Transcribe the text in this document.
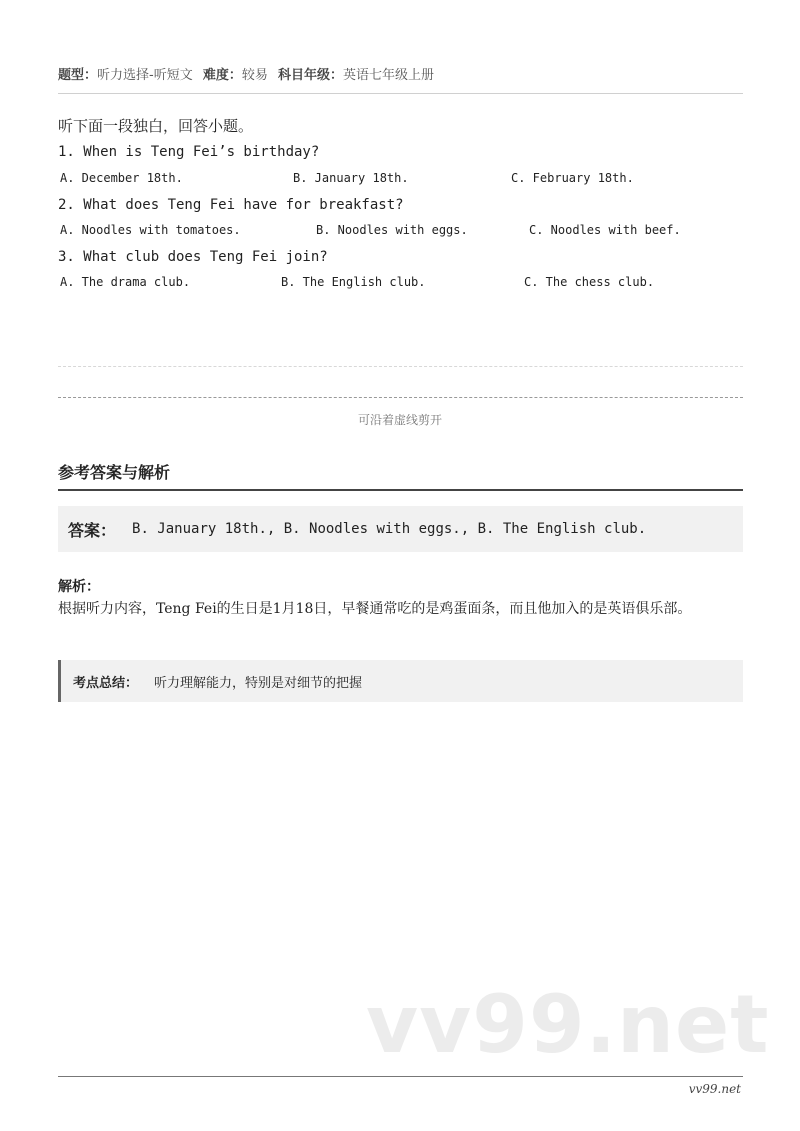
题型：听力选择-听短文 难度：较易 科目年级：英语七年级上册
听下面一段独白，回答小题。
1. When is Teng Fei’s birthday?
A. December 18th.	B. January 18th.	C. February 18th.
2. What does Teng Fei have for breakfast?
A. Noodles with tomatoes.	B. Noodles with eggs.	C. Noodles with beef.
3. What club does Teng Fei join?
A. The drama club.	B. The English club.	C. The chess club.
可沿着虚线剪开
参考答案与解析
答案： B. January 18th., B. Noodles with eggs., B. The English club.
解析：
根据听力内容，Teng Fei的生日是1月18日，早餐通常吃的是鸡蛋面条，而且他加入的是英语俱乐部。
考点总结： 听力理解能力，特别是对细节的把握
vv99.net
vv99.net
